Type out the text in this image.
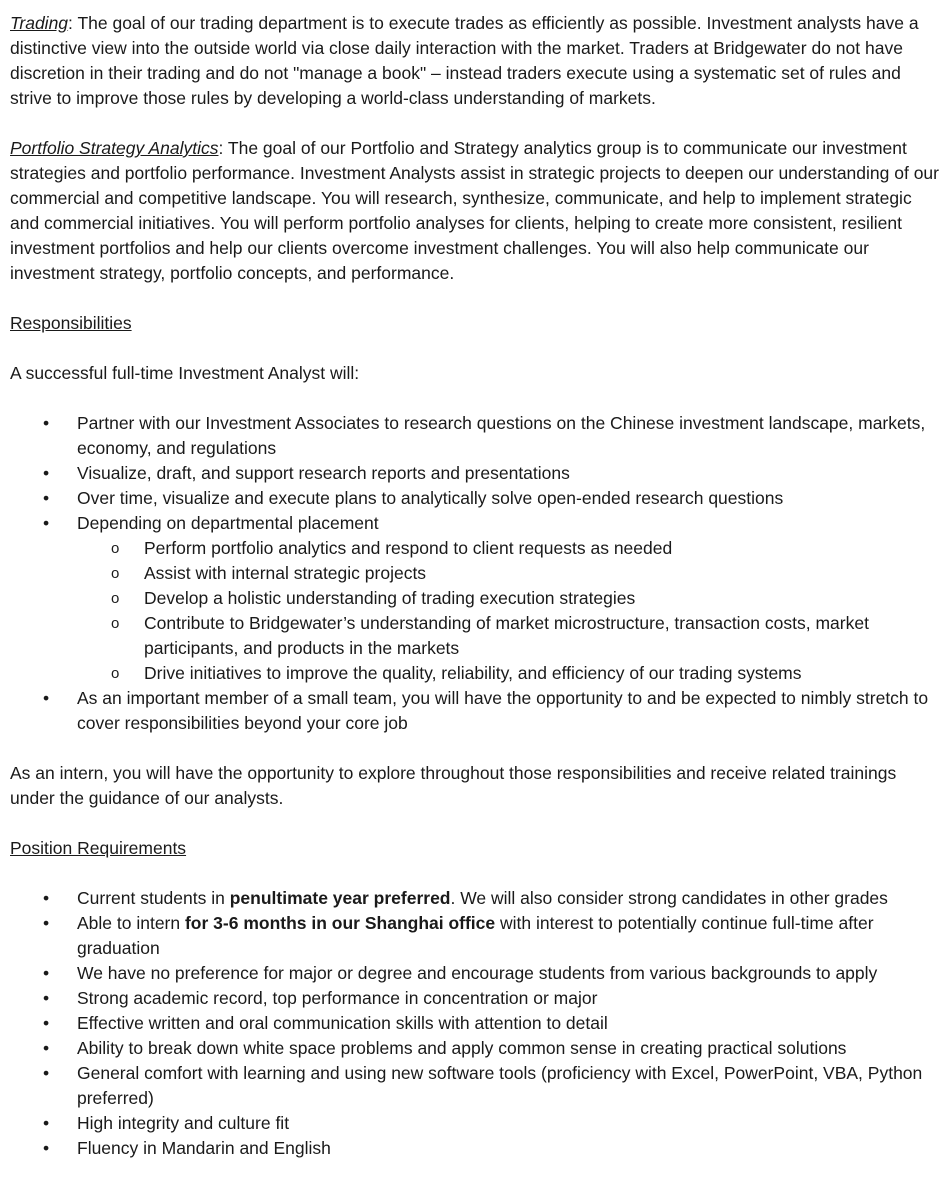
Trading: The goal of our trading department is to execute trades as efficiently as possible. Investment analysts have a distinctive view into the outside world via close daily interaction with the market. Traders at Bridgewater do not have discretion in their trading and do not "manage a book" – instead traders execute using a systematic set of rules and strive to improve those rules by developing a world-class understanding of markets.

Portfolio Strategy Analytics: The goal of our Portfolio and Strategy analytics group is to communicate our investment strategies and portfolio performance. Investment Analysts assist in strategic projects to deepen our understanding of our commercial and competitive landscape. You will research, synthesize, communicate, and help to implement strategic and commercial initiatives. You will perform portfolio analyses for clients, helping to create more consistent, resilient investment portfolios and help our clients overcome investment challenges. You will also help communicate our investment strategy, portfolio concepts, and performance.

Responsibilities

A successful full-time Investment Analyst will:

• Partner with our Investment Associates to research questions on the Chinese investment landscape, markets, economy, and regulations
• Visualize, draft, and support research reports and presentations
• Over time, visualize and execute plans to analytically solve open-ended research questions
• Depending on departmental placement
o Perform portfolio analytics and respond to client requests as needed
o Assist with internal strategic projects
o Develop a holistic understanding of trading execution strategies
o Contribute to Bridgewater’s understanding of market microstructure, transaction costs, market participants, and products in the markets
o Drive initiatives to improve the quality, reliability, and efficiency of our trading systems
• As an important member of a small team, you will have the opportunity to and be expected to nimbly stretch to cover responsibilities beyond your core job

As an intern, you will have the opportunity to explore throughout those responsibilities and receive related trainings under the guidance of our analysts.

Position Requirements

• Current students in penultimate year preferred. We will also consider strong candidates in other grades
• Able to intern for 3-6 months in our Shanghai office with interest to potentially continue full-time after graduation
• We have no preference for major or degree and encourage students from various backgrounds to apply
• Strong academic record, top performance in concentration or major
• Effective written and oral communication skills with attention to detail
• Ability to break down white space problems and apply common sense in creating practical solutions
• General comfort with learning and using new software tools (proficiency with Excel, PowerPoint, VBA, Python preferred)
• High integrity and culture fit
• Fluency in Mandarin and English
